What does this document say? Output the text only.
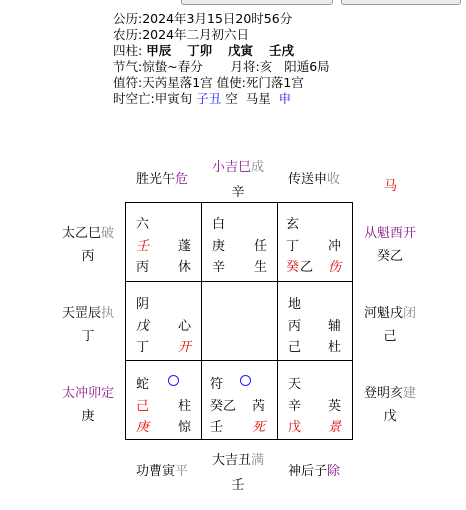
公历:2024年3月15日20时56分
农历:2024年二月初六日
四柱: 甲辰 丁卯 戊寅 壬戌
节气:惊蛰~春分 月将:亥 阳遁6局
值符:天芮星落1宫 值使:死门落1宫
时空亡:甲寅旬 子丑 空 马星 申
胜光午危
小吉巳成
辛
传送申收	马
太乙巳破
丙
天罡辰执
丁
太冲卯定
庚
从魁酉开
癸乙
河魁戌闭
己
登明亥建
戊
功曹寅平
大吉丑满
壬
神后子除
六
壬 蓬
丙 休
白
庚 任
辛 生
玄
丁 冲
癸 乙 伤
阴
戊 心
丁 开
地
丙 辅
己 杜
蛇
己 柱
庚 惊
符
癸乙 芮
壬 死
天
辛 英
戊 景
